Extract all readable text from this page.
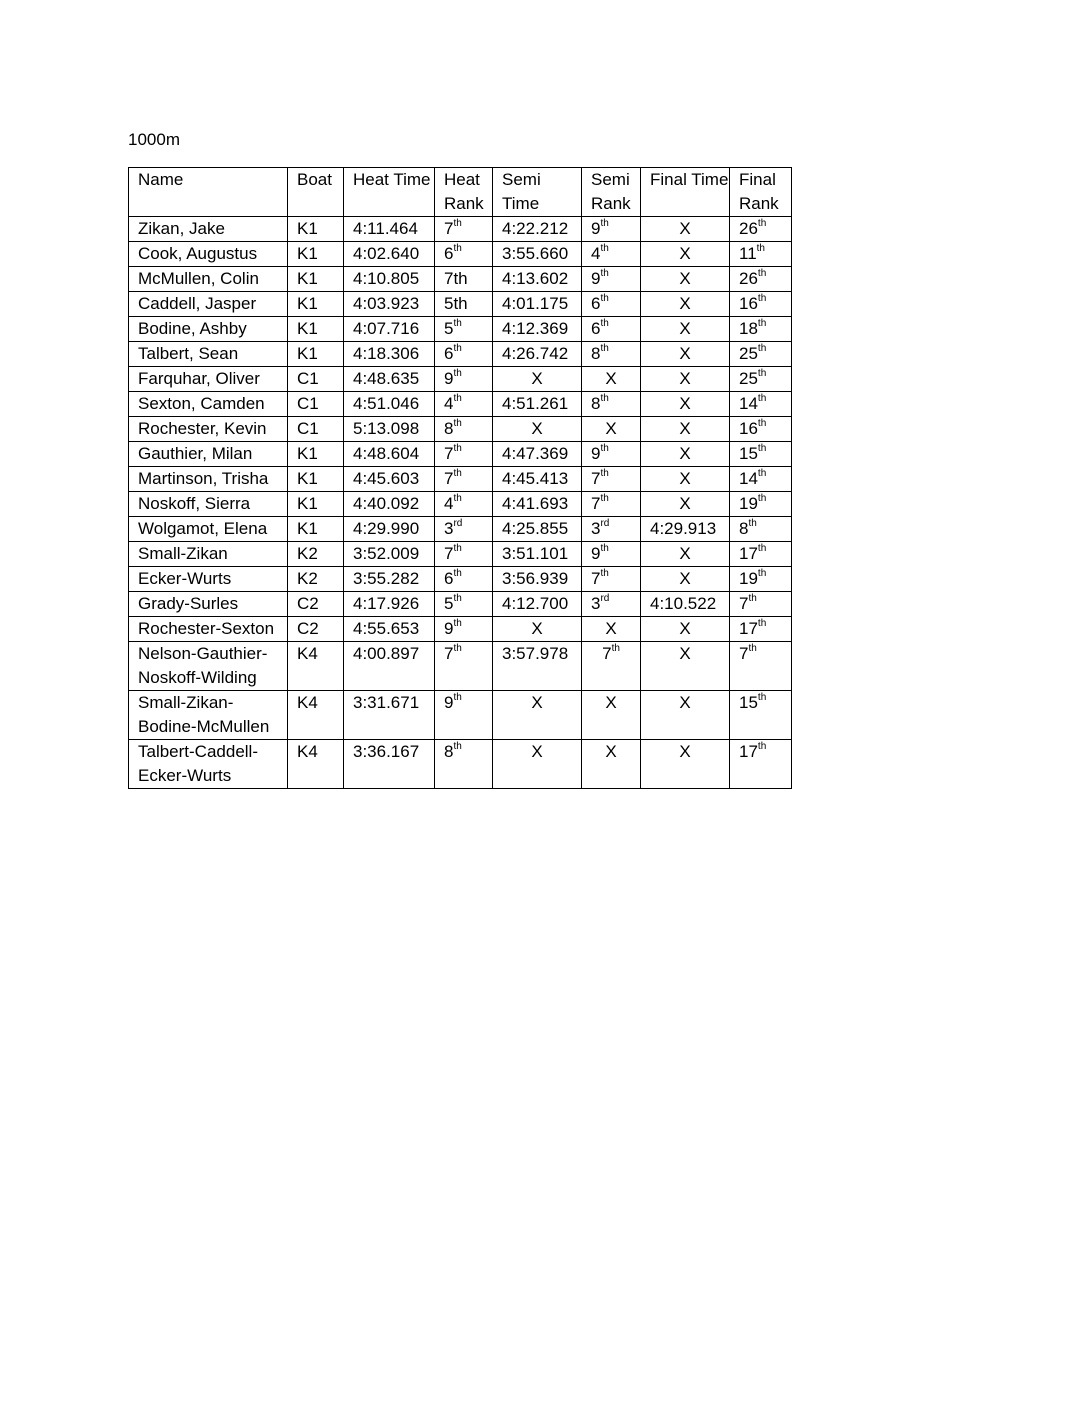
1000m
Name	Boat	Heat Time	Heat Rank	Semi Time	Semi Rank	Final Time	Final Rank
Zikan, Jake	K1	4:11.464	7th	4:22.212	9th	X	26th
Cook, Augustus	K1	4:02.640	6th	3:55.660	4th	X	11th
McMullen, Colin	K1	4:10.805	7th	4:13.602	9th	X	26th
Caddell, Jasper	K1	4:03.923	5th	4:01.175	6th	X	16th
Bodine, Ashby	K1	4:07.716	5th	4:12.369	6th	X	18th
Talbert, Sean	K1	4:18.306	6th	4:26.742	8th	X	25th
Farquhar, Oliver	C1	4:48.635	9th	X	X	X	25th
Sexton, Camden	C1	4:51.046	4th	4:51.261	8th	X	14th
Rochester, Kevin	C1	5:13.098	8th	X	X	X	16th
Gauthier, Milan	K1	4:48.604	7th	4:47.369	9th	X	15th
Martinson, Trisha	K1	4:45.603	7th	4:45.413	7th	X	14th
Noskoff, Sierra	K1	4:40.092	4th	4:41.693	7th	X	19th
Wolgamot, Elena	K1	4:29.990	3rd	4:25.855	3rd	4:29.913	8th
Small-Zikan	K2	3:52.009	7th	3:51.101	9th	X	17th
Ecker-Wurts	K2	3:55.282	6th	3:56.939	7th	X	19th
Grady-Surles	C2	4:17.926	5th	4:12.700	3rd	4:10.522	7th
Rochester-Sexton	C2	4:55.653	9th	X	X	X	17th
Nelson-Gauthier-Noskoff-Wilding	K4	4:00.897	7th	3:57.978	7th	X	7th
Small-Zikan-Bodine-McMullen	K4	3:31.671	9th	X	X	X	15th
Talbert-Caddell-Ecker-Wurts	K4	3:36.167	8th	X	X	X	17th
